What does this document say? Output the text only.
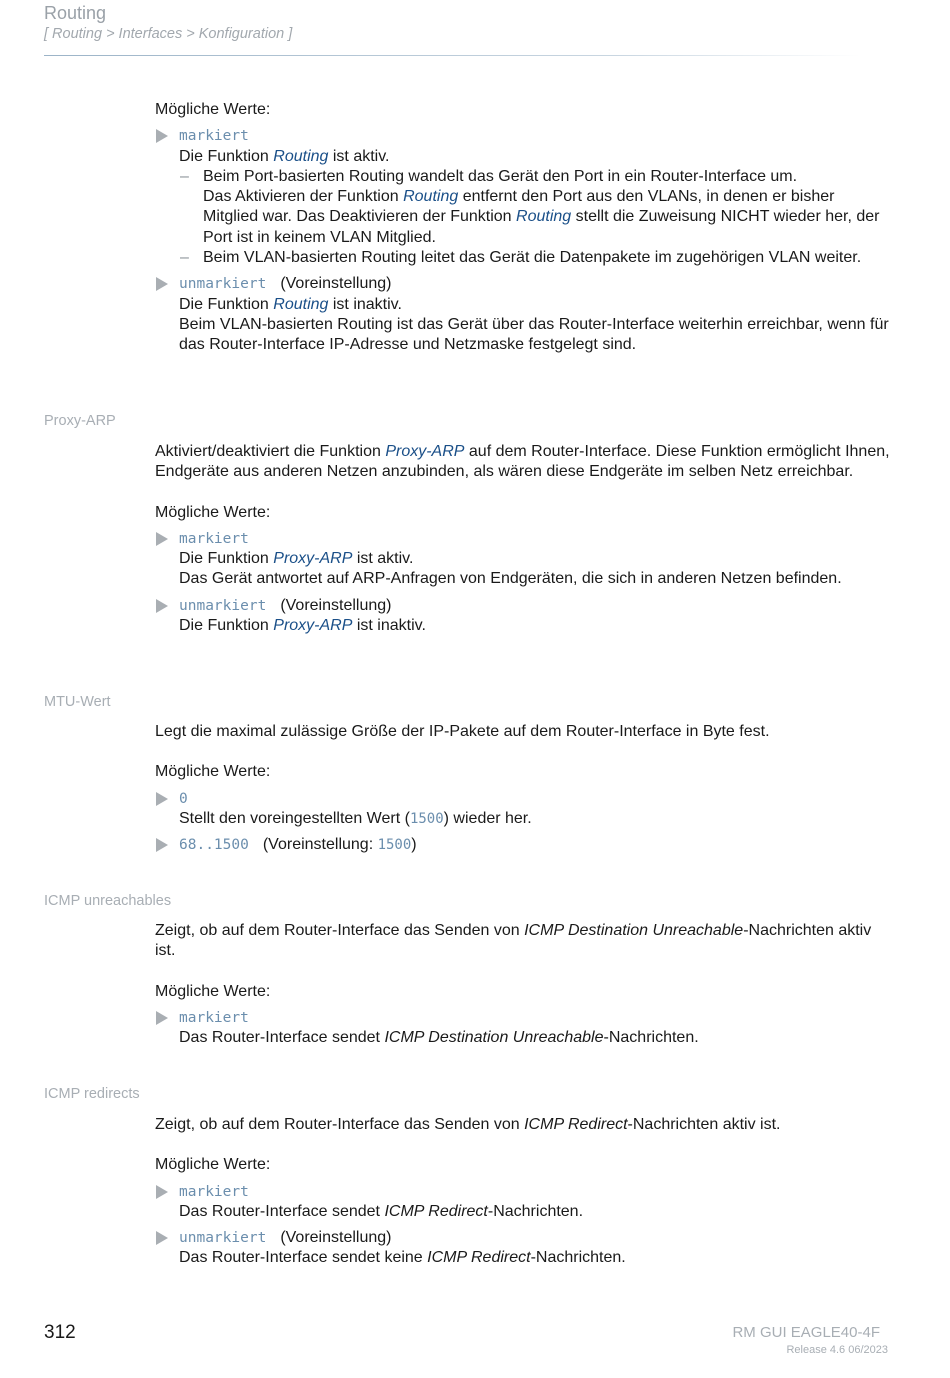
Routing
[ Routing > Interfaces > Konfiguration ]

Mögliche Werte:

markiert
Die Funktion Routing ist aktiv.
– Beim Port-basierten Routing wandelt das Gerät den Port in ein Router-Interface um.
Das Aktivieren der Funktion Routing entfernt den Port aus den VLANs, in denen er bisher Mitglied war. Das Deaktivieren der Funktion Routing stellt die Zuweisung NICHT wieder her, der Port ist in keinem VLAN Mitglied.
– Beim VLAN-basierten Routing leitet das Gerät die Datenpakete im zugehörigen VLAN weiter.
unmarkiert (Voreinstellung)
Die Funktion Routing ist inaktiv.
Beim VLAN-basierten Routing ist das Gerät über das Router-Interface weiterhin erreichbar, wenn für das Router-Interface IP-Adresse und Netzmaske festgelegt sind.
Proxy-ARP

Aktiviert/deaktiviert die Funktion Proxy-ARP auf dem Router-Interface. Diese Funktion ermöglicht Ihnen, Endgeräte aus anderen Netzen anzubinden, als wären diese Endgeräte im selben Netz erreichbar.

Mögliche Werte:

markiert
Die Funktion Proxy-ARP ist aktiv.
Das Gerät antwortet auf ARP-Anfragen von Endgeräten, die sich in anderen Netzen befinden.
unmarkiert (Voreinstellung)
Die Funktion Proxy-ARP ist inaktiv.
MTU-Wert

Legt die maximal zulässige Größe der IP-Pakete auf dem Router-Interface in Byte fest.

Mögliche Werte:

0
Stellt den voreingestellten Wert (1500) wieder her.
68..1500 (Voreinstellung: 1500)
ICMP unreachables

Zeigt, ob auf dem Router-Interface das Senden von ICMP Destination Unreachable-Nachrichten aktiv ist.

Mögliche Werte:

markiert
Das Router-Interface sendet ICMP Destination Unreachable-Nachrichten.
ICMP redirects

Zeigt, ob auf dem Router-Interface das Senden von ICMP Redirect-Nachrichten aktiv ist.

Mögliche Werte:

markiert
Das Router-Interface sendet ICMP Redirect-Nachrichten.
unmarkiert (Voreinstellung)
Das Router-Interface sendet keine ICMP Redirect-Nachrichten.
312	RM GUI EAGLE40-4F
Release 4.6 06/2023
